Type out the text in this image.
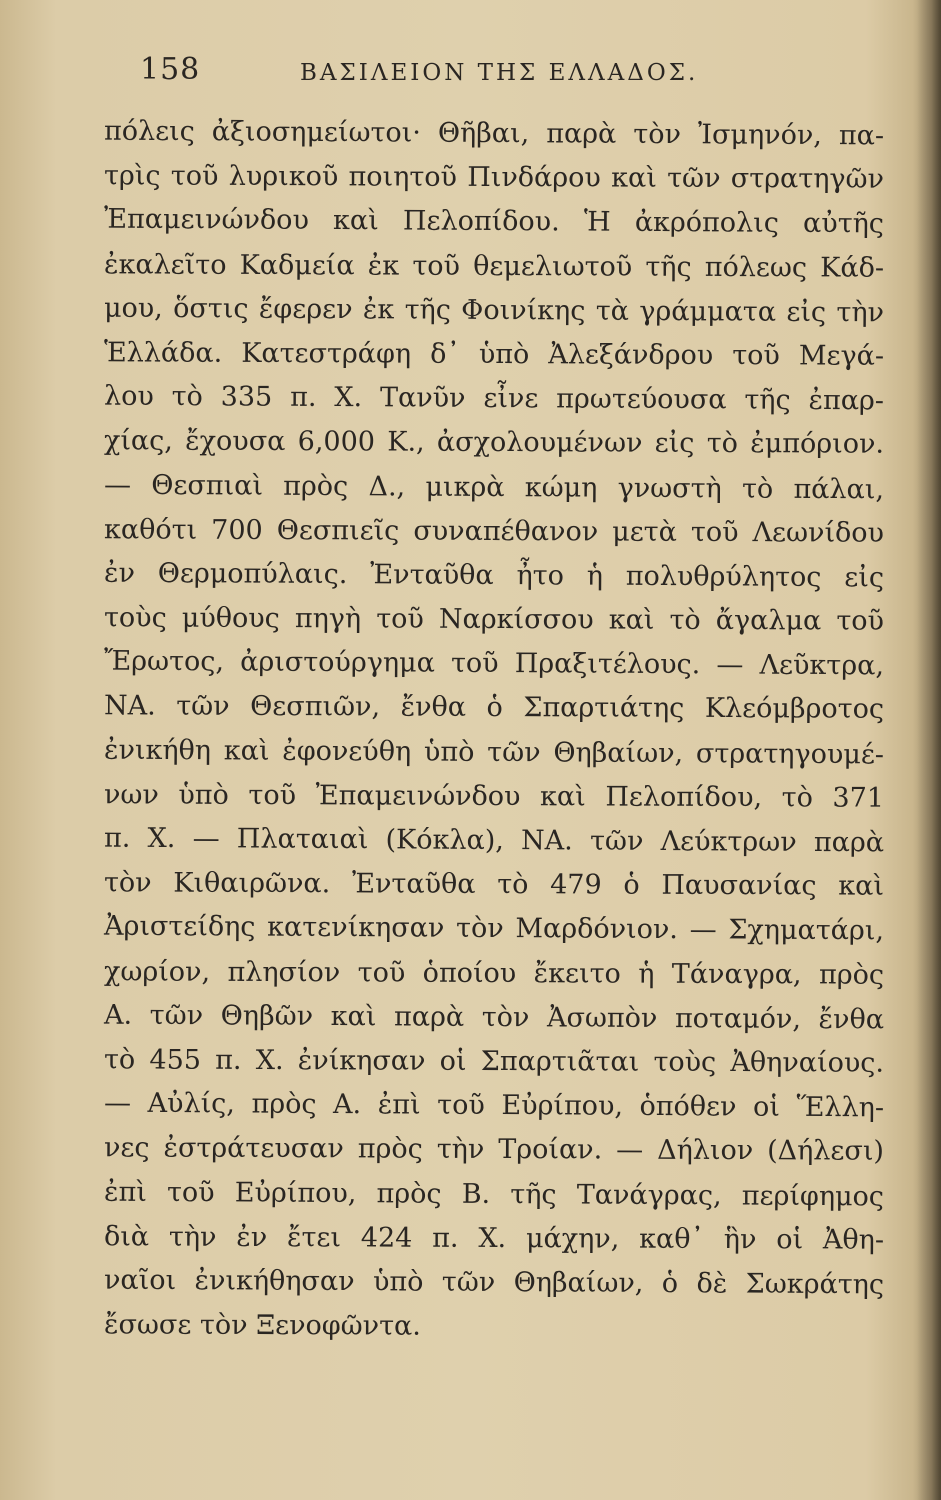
158	ΒΑΣΙΛΕΙΟΝ ΤΗΣ ΕΛΛΑΔΟΣ.
πόλεις ἀξιοσημείωτοι· Θῆβαι, παρὰ τὸν Ἰσμηνόν, πα-
τρὶς τοῦ λυρικοῦ ποιητοῦ Πινδάρου καὶ τῶν στρατηγῶν
Ἐπαμεινώνδου καὶ Πελοπίδου. Ἡ ἀκρόπολις αὐτῆς
ἐκαλεῖτο Καδμεία ἐκ τοῦ θεμελιωτοῦ τῆς πόλεως Κάδ-
μου, ὅστις ἔφερεν ἐκ τῆς Φοινίκης τὰ γράμματα εἰς τὴν
Ἑλλάδα. Κατεστράφη δ᾽ ὑπὸ Ἀλεξάνδρου τοῦ Μεγά-
λου τὸ 335 π. Χ. Τανῦν εἶνε πρωτεύουσα τῆς ἐπαρ-
χίας, ἔχουσα 6,000 Κ., ἀσχολουμένων εἰς τὸ ἐμπόριον.
— Θεσπιαὶ πρὸς Δ., μικρὰ κώμη γνωστὴ τὸ πάλαι,
καθότι 700 Θεσπιεῖς συναπέθανον μετὰ τοῦ Λεωνίδου
ἐν Θερμοπύλαις. Ἐνταῦθα ἦτο ἡ πολυθρύλητος εἰς
τοὺς μύθους πηγὴ τοῦ Ναρκίσσου καὶ τὸ ἄγαλμα τοῦ
Ἔρωτος, ἀριστούργημα τοῦ Πραξιτέλους. — Λεῦκτρα,
ΝΑ. τῶν Θεσπιῶν, ἔνθα ὁ Σπαρτιάτης Κλεόμβροτος
ἐνικήθη καὶ ἐφονεύθη ὑπὸ τῶν Θηβαίων, στρατηγουμέ-
νων ὑπὸ τοῦ Ἐπαμεινώνδου καὶ Πελοπίδου, τὸ 371
π. Χ. — Πλαταιαὶ (Κόκλα), ΝΑ. τῶν Λεύκτρων παρὰ
τὸν Κιθαιρῶνα. Ἐνταῦθα τὸ 479 ὁ Παυσανίας καὶ
Ἀριστείδης κατενίκησαν τὸν Μαρδόνιον. — Σχηματάρι,
χωρίον, πλησίον τοῦ ὁποίου ἔκειτο ἡ Τάναγρα, πρὸς
Α. τῶν Θηβῶν καὶ παρὰ τὸν Ἀσωπὸν ποταμόν, ἔνθα
τὸ 455 π. Χ. ἐνίκησαν οἱ Σπαρτιᾶται τοὺς Ἀθηναίους.
— Αὐλίς, πρὸς Α. ἐπὶ τοῦ Εὐρίπου, ὁπόθεν οἱ Ἕλλη-
νες ἐστράτευσαν πρὸς τὴν Τροίαν. — Δήλιον (Δήλεσι)
ἐπὶ τοῦ Εὐρίπου, πρὸς Β. τῆς Τανάγρας, περίφημος
διὰ τὴν ἐν ἔτει 424 π. Χ. μάχην, καθ᾽ ἣν οἱ Ἀθη-
ναῖοι ἐνικήθησαν ὑπὸ τῶν Θηβαίων, ὁ δὲ Σωκράτης
ἔσωσε τὸν Ξενοφῶντα.
